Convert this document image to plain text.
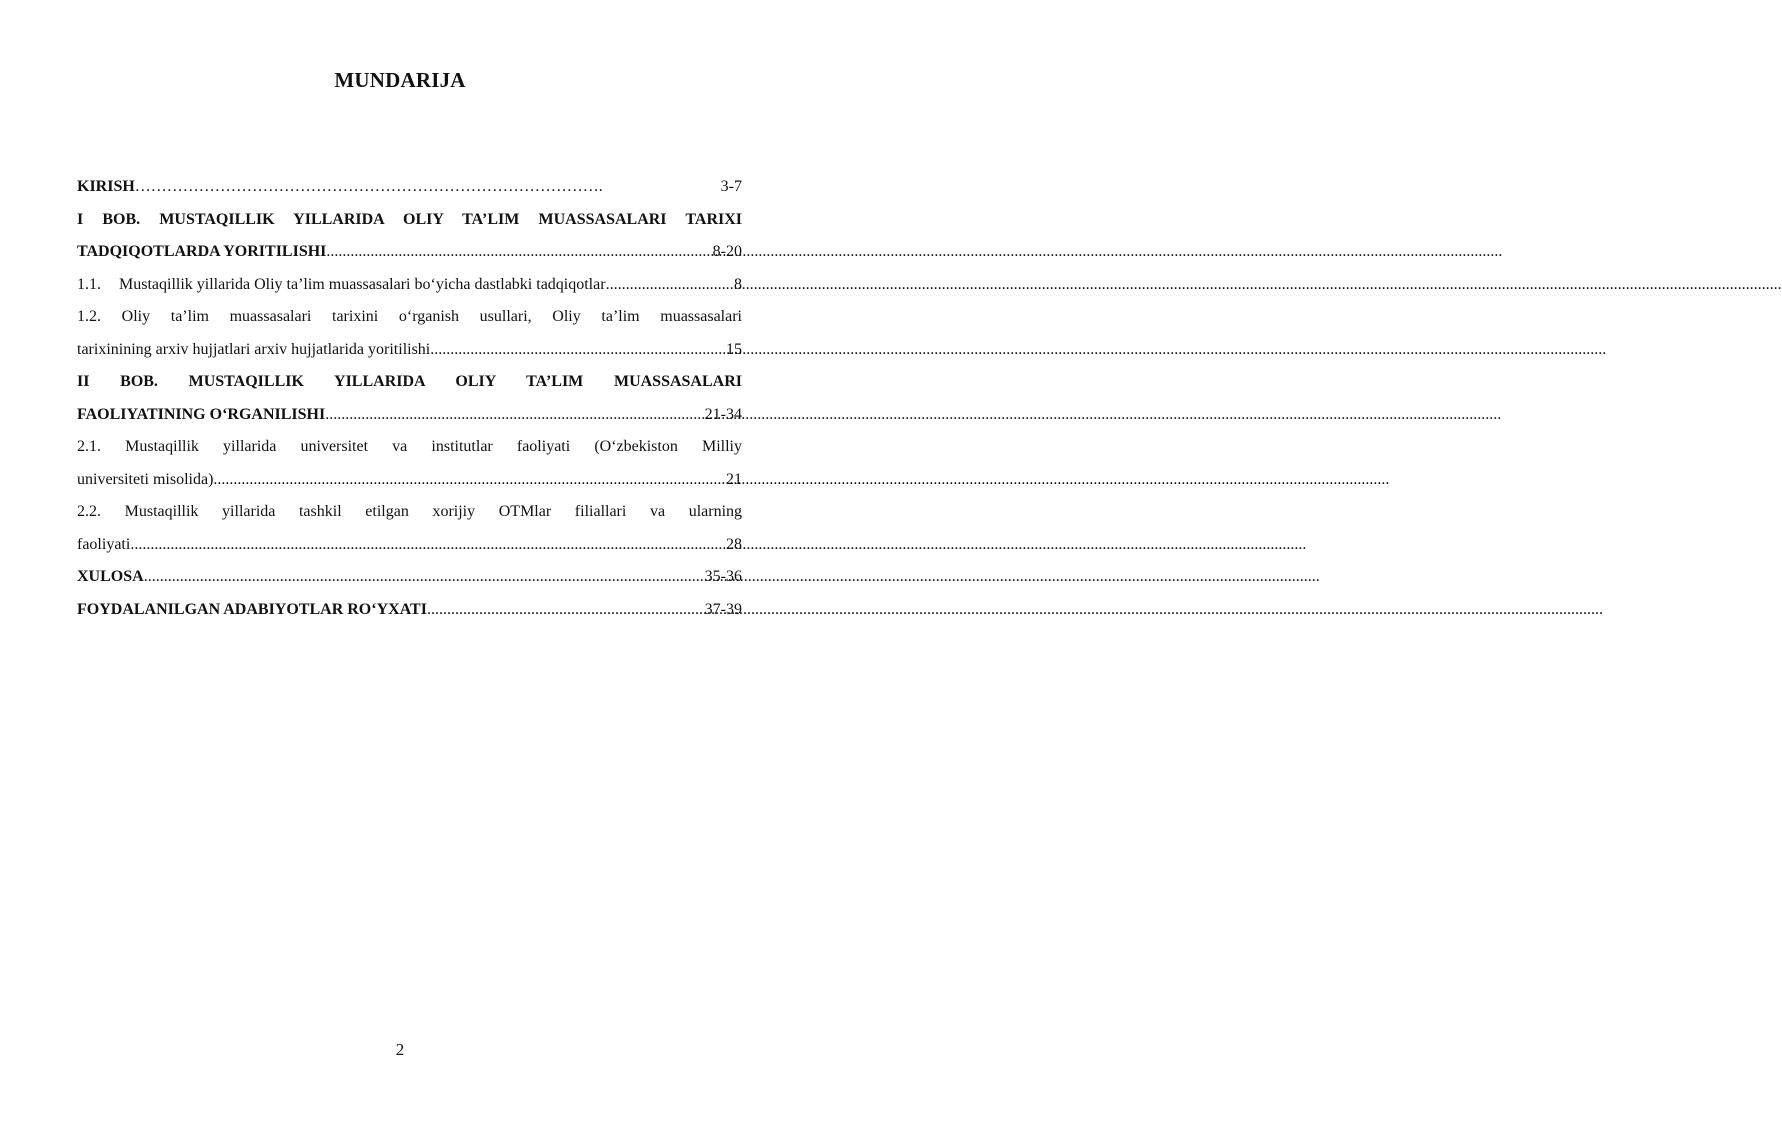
MUNDARIJA
KIRISH …………………………………………………………………………….	3-7
I BOB. MUSTAQILLIK YILLARIDA OLIY TA’LIM MUASSASALARI TARIXI
TADQIQOTLARDA YORITILISHI .....	8-20
1.1. Mustaqillik yillarida Oliy ta’lim muassasalari bo‘yicha dastlabki tadqiqotlar .....	8
1.2. Oliy ta’lim muassasalari tarixini o‘rganish usullari, Oliy ta’lim muassasalari
tarixinining arxiv hujjatlari arxiv hujjatlarida yoritilishi .....	15
II BOB. MUSTAQILLIK YILLARIDA OLIY TA’LIM MUASSASALARI
FAOLIYATINING O‘RGANILISHI .....	21-34
2.1. Mustaqillik yillarida universitet va institutlar faoliyati (O‘zbekiston Milliy
universiteti misolida) .....	21
2.2. Mustaqillik yillarida tashkil etilgan xorijiy OTMlar filiallari va ularning
faoliyati .....	28
XULOSA .....	35-36
FOYDALANILGAN ADABIYOTLAR RO‘YXATI .....	37-39
2
